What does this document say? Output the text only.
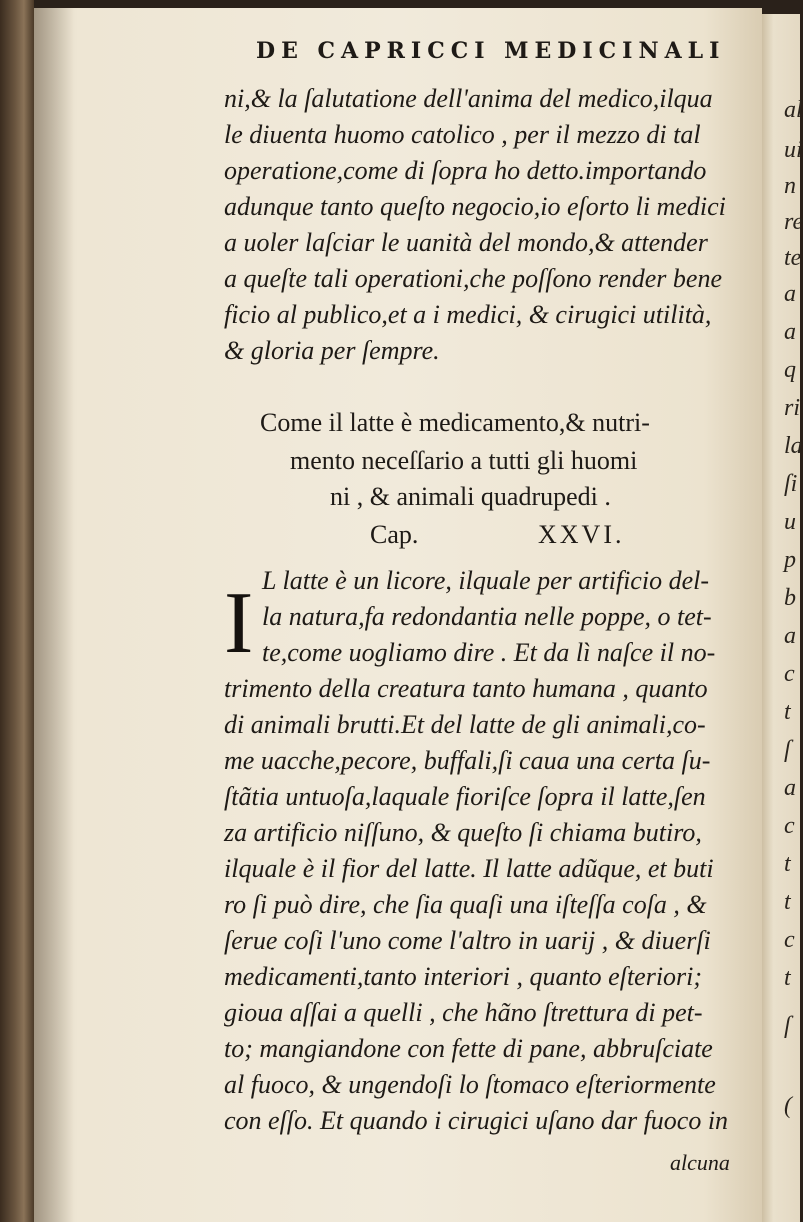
DE CAPRICCI MEDICINALI
ni,& la ſalutatione dell'anima del medico,ilqua
le diuenta huomo catolico , per il mezzo di tal
operatione,come di ſopra ho detto.importando
adunque tanto queſto negocio,io eſorto li medici
a uoler laſciar le uanità del mondo,& attender
a queſte tali operationi,che poſſono render bene
ficio al publico,et a i medici, & cirugici utilità,
& gloria per ſempre.
Come il latte è medicamento,& nutri-
mento neceſſario a tutti gli huomi
ni , & animali quadrupedi .
Cap.	XXVI.
I L latte è un licore, ilquale per artificio del-
la natura,fa redondantia nelle poppe, o tet-
te,come uogliamo dire . Et da lì naſce il no-
trimento della creatura tanto humana , quanto
di animali brutti.Et del latte de gli animali,co-
me uacche,pecore, buffali,ſi caua una certa ſu-
ſtãtia untuoſa,laquale fioriſce ſopra il latte,ſen
za artificio niſſuno, & queſto ſi chiama butiro,
ilquale è il fior del latte. Il latte adũque, et buti
ro ſi può dire, che ſia quaſi una iſteſſa coſa , &
ſerue coſi l'uno come l'altro in uarij , & diuerſi
medicamenti,tanto interiori , quanto eſteriori;
gioua aſſai a quelli , che hãno ſtrettura di pet-
to; mangiandone con fette di pane, abbruſciate
al fuoco, & ungendoſi lo ſtomaco eſteriormente
con eſſo. Et quando i cirugici uſano dar fuoco in
alcuna
al
ui
n
re
te
a
a
q
ri
la
ſi
u
p
b
a
c
t
ſ
a
c
t
t
c
t
ſ
(
